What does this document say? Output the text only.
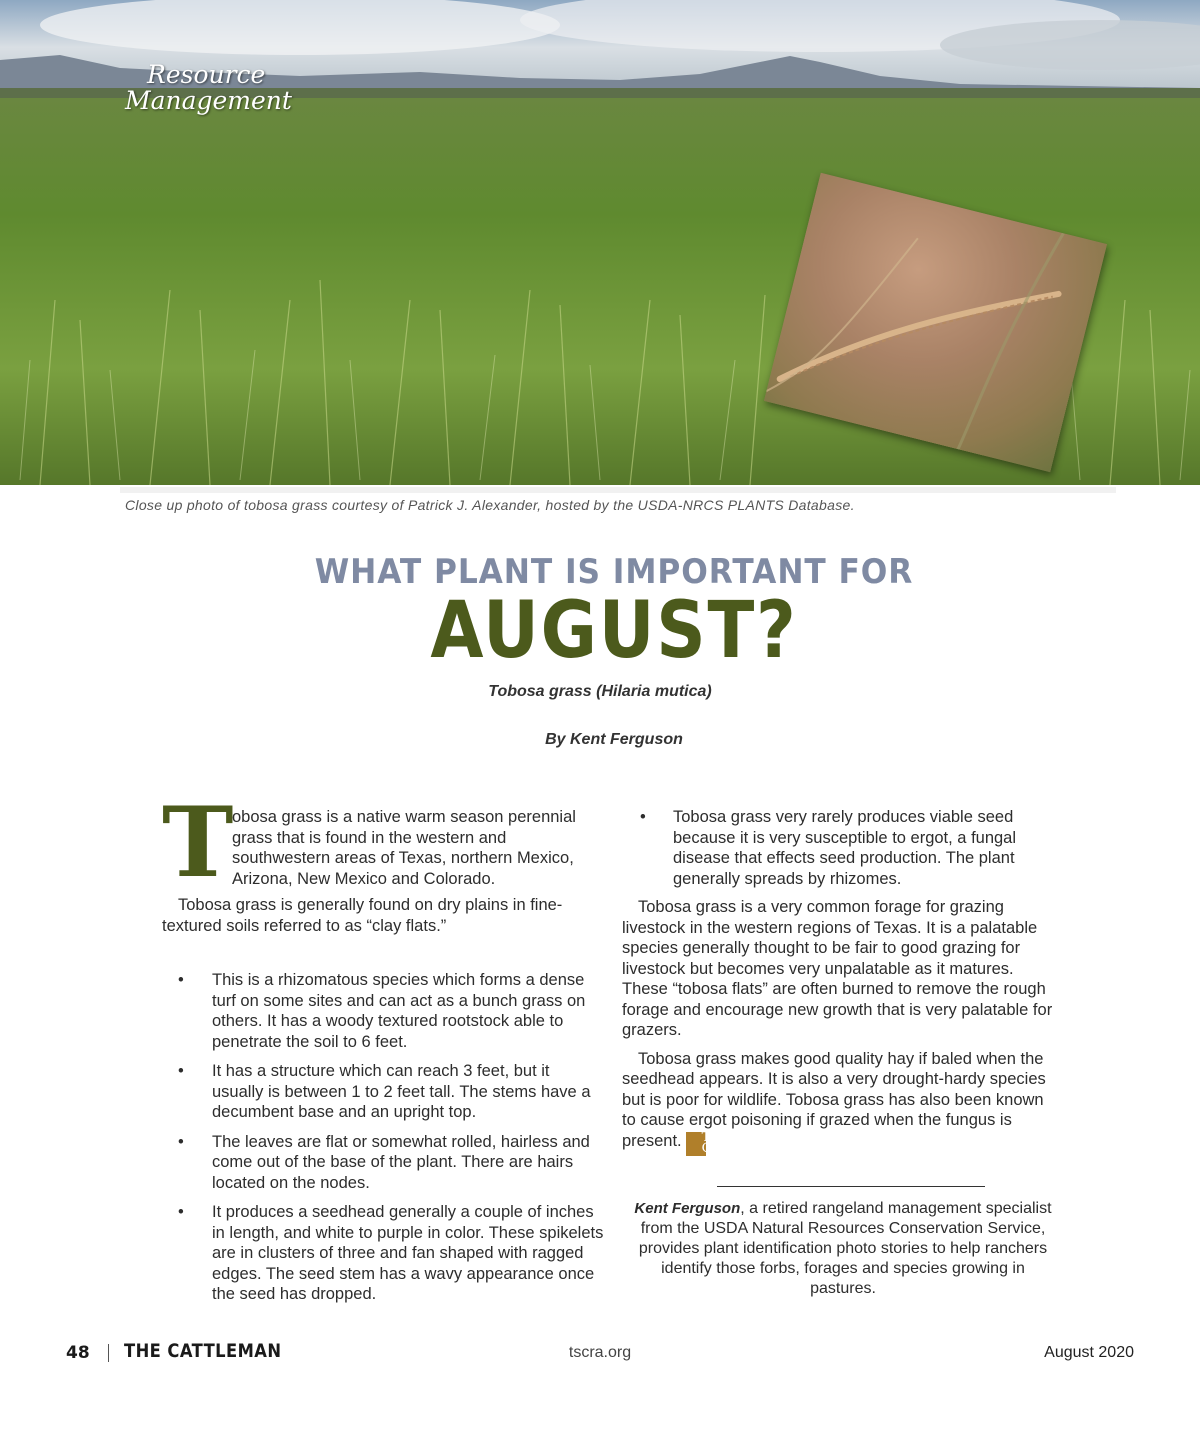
Resource
Management
Close up photo of tobosa grass courtesy of Patrick J. Alexander, hosted by the USDA-NRCS PLANTS Database.
WHAT PLANT IS IMPORTANT FOR
AUGUST?
Tobosa grass (Hilaria mutica)
By Kent Ferguson
T

obosa grass is a native warm season perennial grass that is found in the western and southwestern areas of Texas, northern Mexico, Arizona, New Mexico and Colorado.

Tobosa grass is generally found on dry plains in fine-textured soils referred to as “clay flats.”

• This is a rhizomatous species which forms a dense turf on some sites and can act as a bunch grass on others. It has a woody textured rootstock able to penetrate the soil to 6 feet.
• It has a structure which can reach 3 feet, but it usually is between 1 to 2 feet tall. The stems have a decumbent base and an upright top.
• The leaves are flat or somewhat rolled, hairless and come out of the base of the plant. There are hairs located on the nodes.
• It produces a seedhead generally a couple of inches in length, and white to purple in color. These spikelets are in clusters of three and fan shaped with ragged edges. The seed stem has a wavy appearance once the seed has dropped.
• Tobosa grass very rarely produces viable seed because it is very susceptible to ergot, a fungal disease that effects seed production. The plant generally spreads by rhizomes.

Tobosa grass is a very common forage for grazing livestock in the western regions of Texas. It is a palatable species generally thought to be fair to good grazing for livestock but becomes very unpalatable as it matures. These “tobosa flats” are often burned to remove the rough forage and encourage new growth that is very palatable for grazers.

Tobosa grass makes good quality hay if baled when the seedhead appears. It is also a very drought-hardy species but is poor for wildlife. Tobosa grass has also been known to cause ergot poisoning if grazed when the fungus is present.	T
C

Kent Ferguson, a retired rangeland management specialist from the USDA Natural Resources Conservation Service, provides plant identification photo stories to help ranchers identify those forbs, forages and species growing in pastures.
48 THE CATTLEMAN	tscra.org	August 2020
